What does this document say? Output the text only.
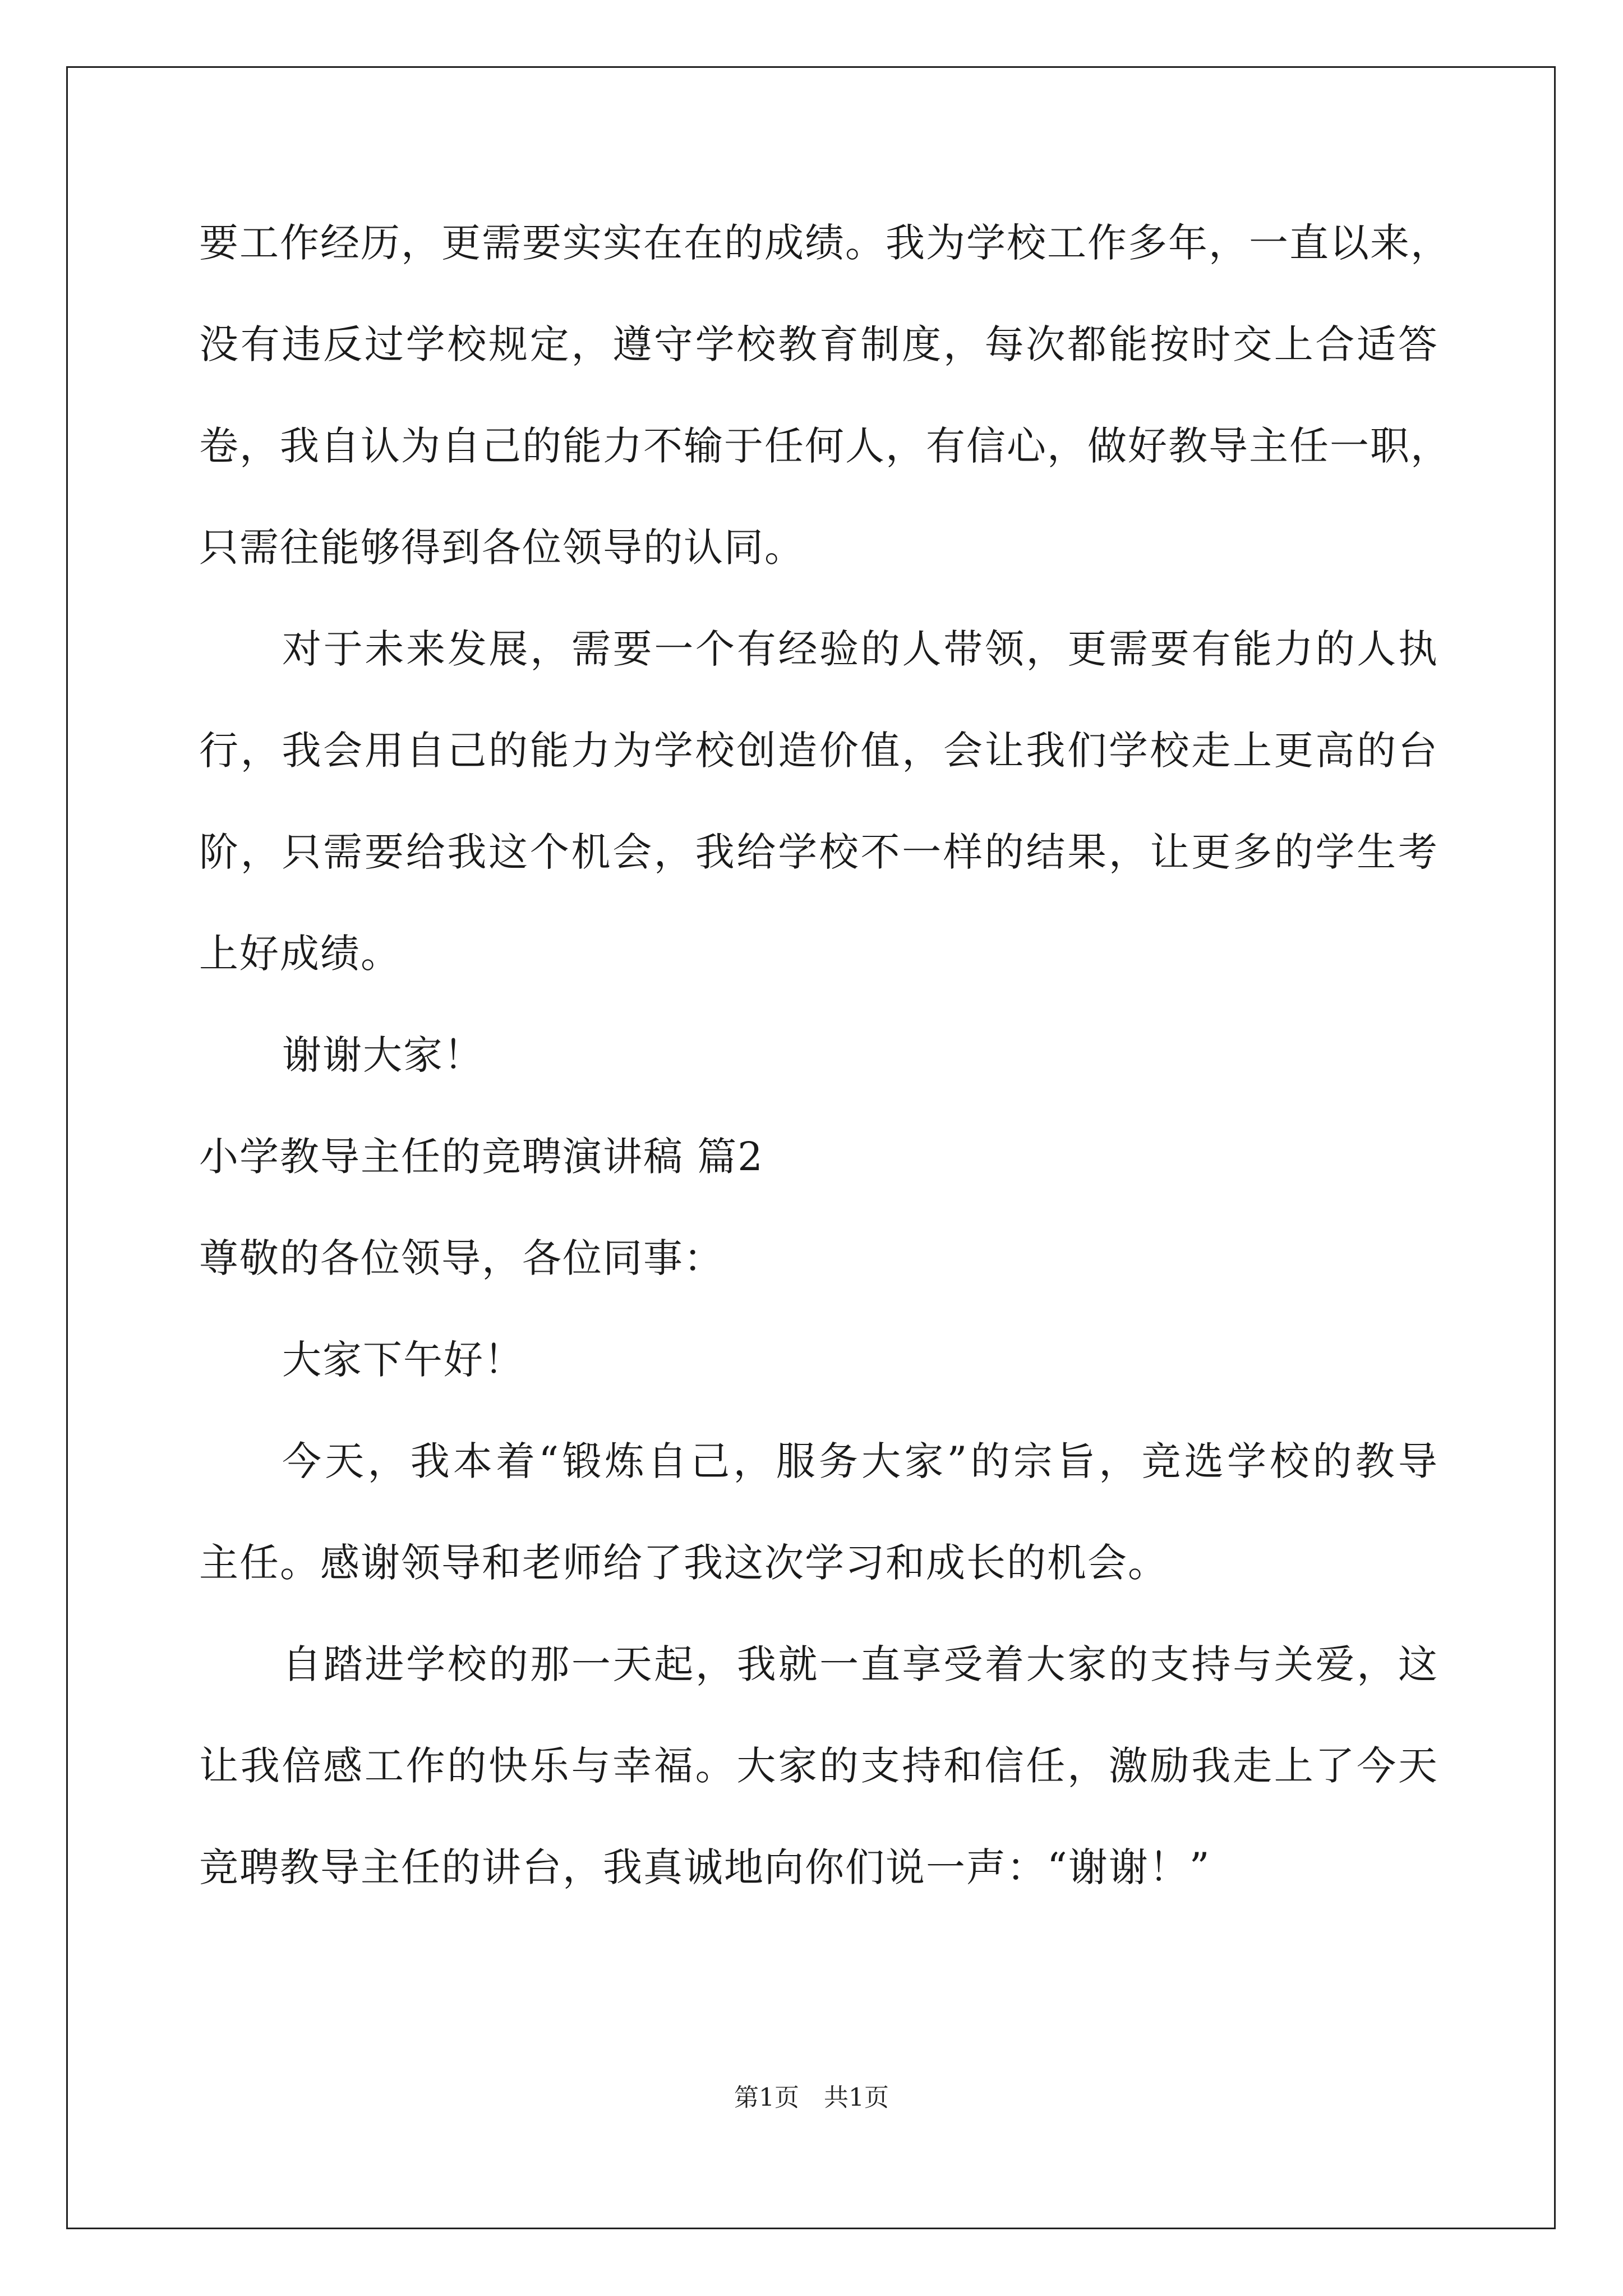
要 工 作 经 历 ， 更 需 要 实 实 在 在 的 成 绩 。 我 为 学 校 工 作 多 年 ， 一 直 以 来 ，
没 有 违 反 过 学 校 规 定 ， 遵 守 学 校 教 育 制 度 ， 每 次 都 能 按 时 交 上 合 适 答
卷 ， 我 自 认 为 自 己 的 能 力 不 输 于 任 何 人 ， 有 信 心 ， 做 好 教 导 主 任 一 职 ，
只需往能够得到各位领导的认同。
对 于 未 来 发 展 ， 需 要 一 个 有 经 验 的 人 带 领 ， 更 需 要 有 能 力 的 人 执
行 ， 我 会 用 自 己 的 能 力 为 学 校 创 造 价 值 ， 会 让 我 们 学 校 走 上 更 高 的 台
阶 ， 只 需 要 给 我 这 个 机 会 ， 我 给 学 校 不 一 样 的 结 果 ， 让 更 多 的 学 生 考
上好成绩。
谢谢大家！
小学教导主任的竞聘演讲稿 篇2
尊敬的各位领导，各位同事：
大家下午好！
今 天 ， 我 本 着 “ 锻 炼 自 己 ， 服 务 大 家 ” 的 宗 旨 ， 竞 选 学 校 的 教 导
主任。感谢领导和老师给了我这次学习和成长的机会。
自 踏 进 学 校 的 那 一 天 起 ， 我 就 一 直 享 受 着 大 家 的 支 持 与 关 爱 ， 这
让 我 倍 感 工 作 的 快 乐 与 幸 福 。 大 家 的 支 持 和 信 任 ， 激 励 我 走 上 了 今 天
竞聘教导主任的讲台，我真诚地向你们说一声：“谢谢！”
第1页　共1页
